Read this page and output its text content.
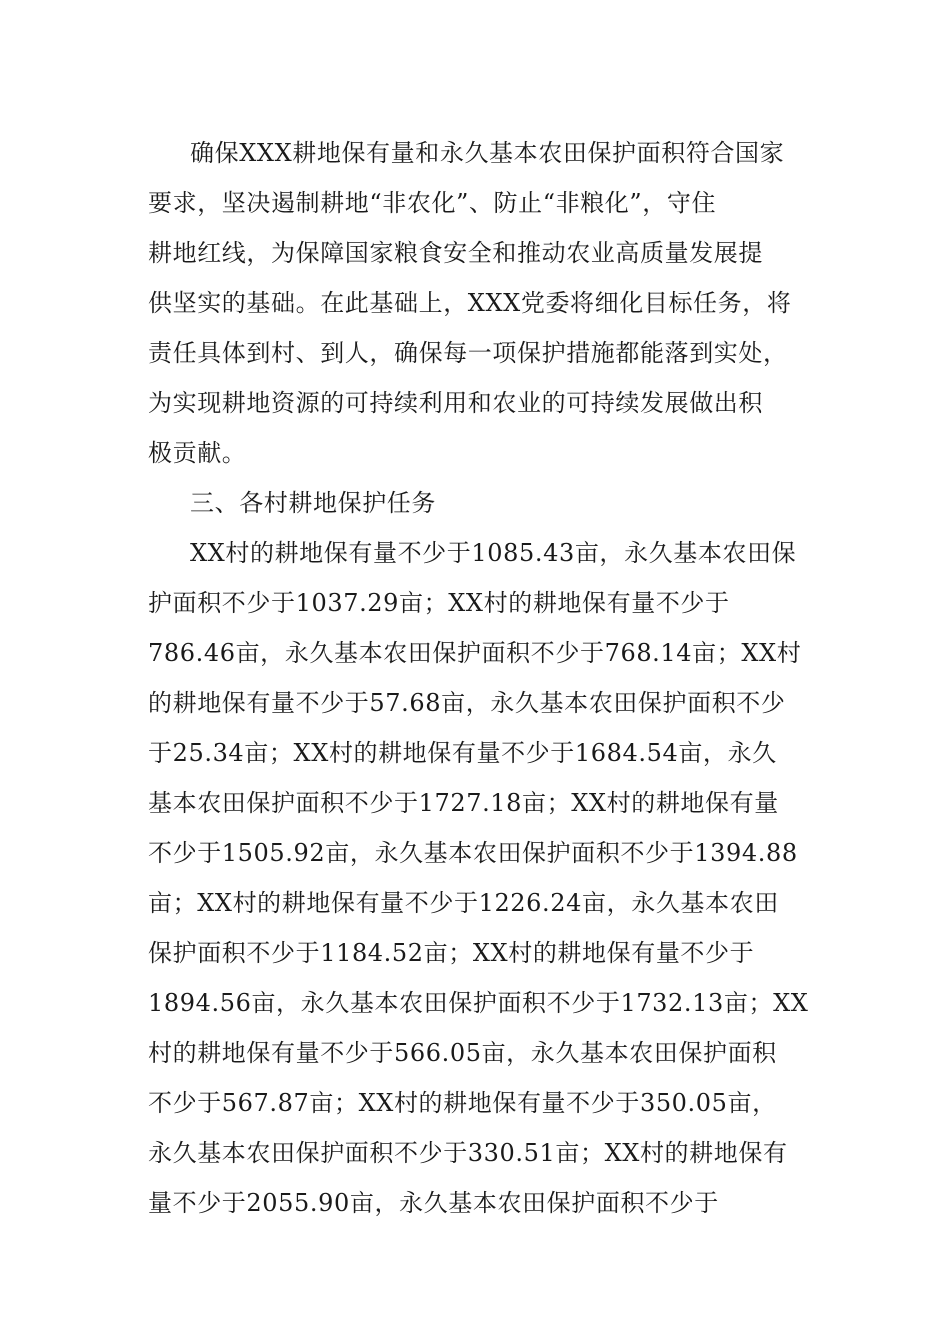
确保XXX耕地保有量和永久基本农田保护面积符合国家
要求，坚决遏制耕地“非农化”、防止“非粮化”，守住
耕地红线，为保障国家粮食安全和推动农业高质量发展提
供坚实的基础。在此基础上，XXX党委将细化目标任务，将
责任具体到村、到人，确保每一项保护措施都能落到实处，
为实现耕地资源的可持续利用和农业的可持续发展做出积
极贡献。
三、各村耕地保护任务
XX村的耕地保有量不少于1085.43亩，永久基本农田保
护面积不少于1037.29亩；XX村的耕地保有量不少于
786.46亩，永久基本农田保护面积不少于768.14亩；XX村
的耕地保有量不少于57.68亩，永久基本农田保护面积不少
于25.34亩；XX村的耕地保有量不少于1684.54亩，永久
基本农田保护面积不少于1727.18亩；XX村的耕地保有量
不少于1505.92亩，永久基本农田保护面积不少于1394.88
亩；XX村的耕地保有量不少于1226.24亩，永久基本农田
保护面积不少于1184.52亩；XX村的耕地保有量不少于
1894.56亩，永久基本农田保护面积不少于1732.13亩；XX
村的耕地保有量不少于566.05亩，永久基本农田保护面积
不少于567.87亩；XX村的耕地保有量不少于350.05亩，
永久基本农田保护面积不少于330.51亩；XX村的耕地保有
量不少于2055.90亩，永久基本农田保护面积不少于
